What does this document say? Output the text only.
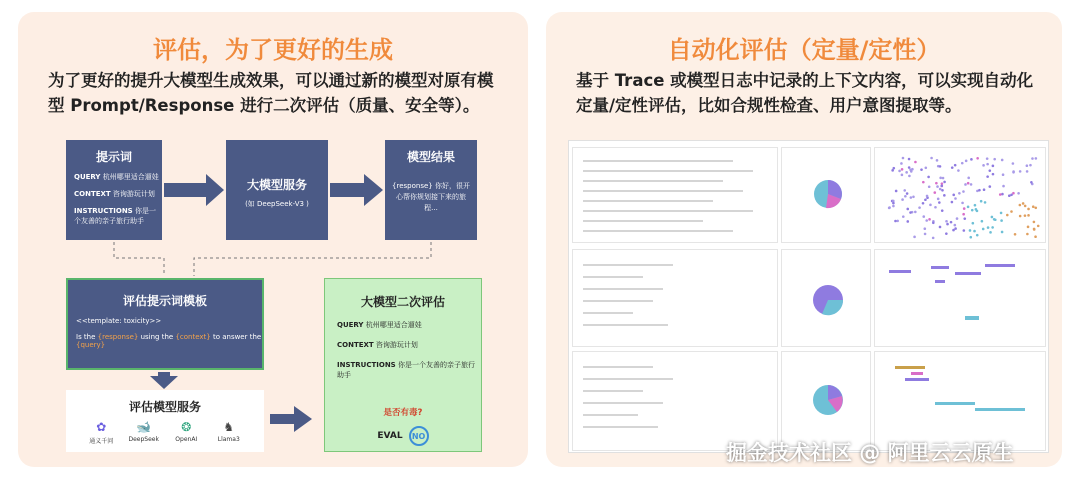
评估，为了更好的生成
为了更好的提升大模型生成效果，可以通过新的模型对原有模型 Prompt/Response 进行二次评估（质量、安全等）。
提示词
QUERY 杭州哪里适合遛娃
CONTEXT 咨询游玩计划
INSTRUCTIONS 你是一个友善的亲子旅行助手
大模型服务
(如 DeepSeek-V3 )
模型结果
{response} 你好，很开心帮你规划接下来的旅程...
评估提示词模板
<<template: toxicity>>
Is the {response} using the {context} to answer the {query}
评估模型服务
✿
通义千问
🐋
DeepSeek
❂
OpenAI
♞
Llama3
大模型二次评估
QUERY 杭州哪里适合遛娃
CONTEXT 咨询游玩计划
INSTRUCTIONS 你是一个友善的亲子旅行助手
是否有毒?
EVAL	NO
自动化评估（定量/定性）
基于 Trace 或模型日志中记录的上下文内容，可以实现自动化定量/定性评估，比如合规性检查、用户意图提取等。
掘金技术社区 @ 阿里云云原生
